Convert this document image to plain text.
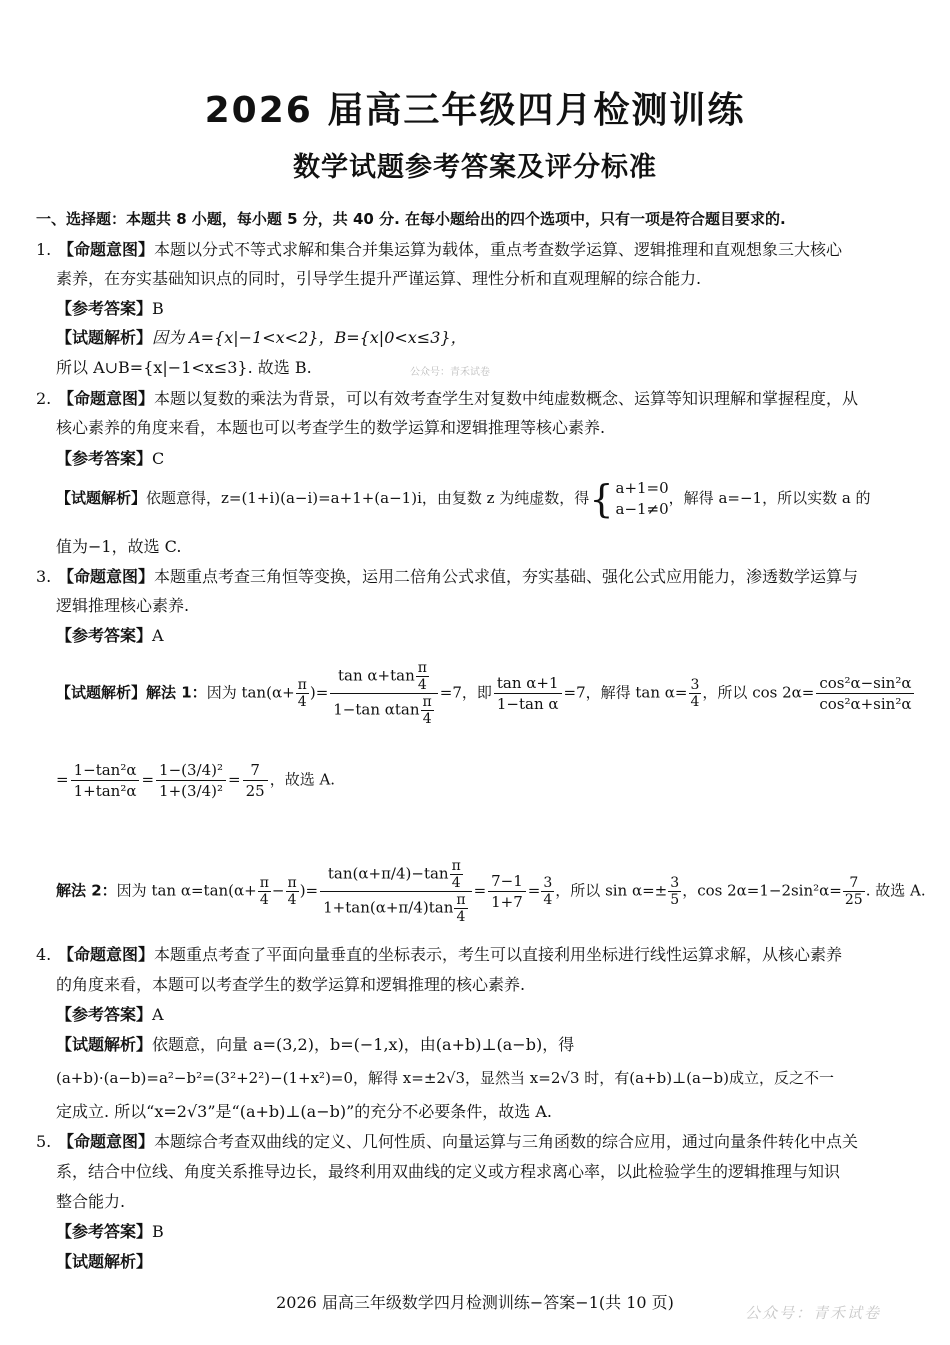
2026 届高三年级四月检测训练
数学试题参考答案及评分标准
一、选择题：本题共 8 小题，每小题 5 分，共 40 分. 在每小题给出的四个选项中，只有一项是符合题目要求的.
1. 【命题意图】本题以分式不等式求解和集合并集运算为载体，重点考查数学运算、逻辑推理和直观想象三大核心
素养，在夯实基础知识点的同时，引导学生提升严谨运算、理性分析和直观理解的综合能力.
【参考答案】B
【试题解析】因为 A={x|−1<x<2}，B={x|0<x≤3}，
所以 A∪B={x|−1<x≤3}. 故选 B.	公众号：青禾试卷
2. 【命题意图】本题以复数的乘法为背景，可以有效考查学生对复数中纯虚数概念、运算等知识理解和掌握程度，从
核心素养的角度来看，本题也可以考查学生的数学运算和逻辑推理等核心素养.
【参考答案】C
【试题解析】依题意得，z=(1+i)(a−i)=a+1+(a−1)i，由复数 z 为纯虚数，得{ a+1=0
a−1≠0
，解得 a=−1，所以实数 a 的
值为−1，故选 C.
3. 【命题意图】本题重点考查三角恒等变换，运用二倍角公式求值，夯实基础、强化公式应用能力，渗透数学运算与
逻辑推理核心素养.
【参考答案】A
【试题解析】解法 1：因为 $\tan(\alpha+ \frac{\pi}{4}$ )= $\frac{\tan \alpha+\tan \frac{\pi}{4}}{1-\tan \alpha\tan \frac{\pi}{4}} =7$，即 $\frac{\text{tan α+1}}{\text{1−tan α}} =7$，解得 $\tan \alpha= \frac{3}{4}$ ，所以 $\cos 2\alpha= \frac{\text{cos²α−sin²α}}{\text{cos²α+sin²α}}$
= $\frac{\text{1−tan²α}}{\text{1+tan²α}} = \frac{\text{1−(3/4)²}}{\text{1+(3/4)²}} = \frac{7}{25}$ ，故选 A.
解法 2：因为 $\tan \alpha=\tan(\alpha+ \frac{\pi}{4} - \frac{\pi}{4}$ )= $\frac{\tan(\alpha+\pi/4)-\tan \frac{\pi}{4}}{1+\tan(\alpha+\pi/4)\tan \frac{\pi}{4}} = \frac{7-1}{1+7} = \frac{3}{4}$ ，所以 $\sin \alpha=\pm \frac{3}{5}$ ，$\cos 2\alpha=1-2\sin^2\alpha= \frac{7}{25}$ . 故选 A.
4. 【命题意图】本题重点考查了平面向量垂直的坐标表示，考生可以直接利用坐标进行线性运算求解，从核心素养
的角度来看，本题可以考查学生的数学运算和逻辑推理的核心素养.
【参考答案】A
【试题解析】依题意，向量 a=(3,2)，b=(−1,x)，由(a+b)⊥(a−b)，得
(a+b)·(a−b)=a²−b²=(3²+2²)−(1+x²)=0，解得 x=±2√3，显然当 x=2√3 时，有(a+b)⊥(a−b)成立，反之不一
定成立. 所以“x=2√3”是“(a+b)⊥(a−b)”的充分不必要条件，故选 A.
5. 【命题意图】本题综合考查双曲线的定义、几何性质、向量运算与三角函数的综合应用，通过向量条件转化中点关
系，结合中位线、角度关系推导边长，最终利用双曲线的定义或方程求离心率，以此检验学生的逻辑推理与知识
整合能力.
【参考答案】B
【试题解析】
2026 届高三年级数学四月检测训练−答案−1(共 10 页)
公众号：青禾试卷
